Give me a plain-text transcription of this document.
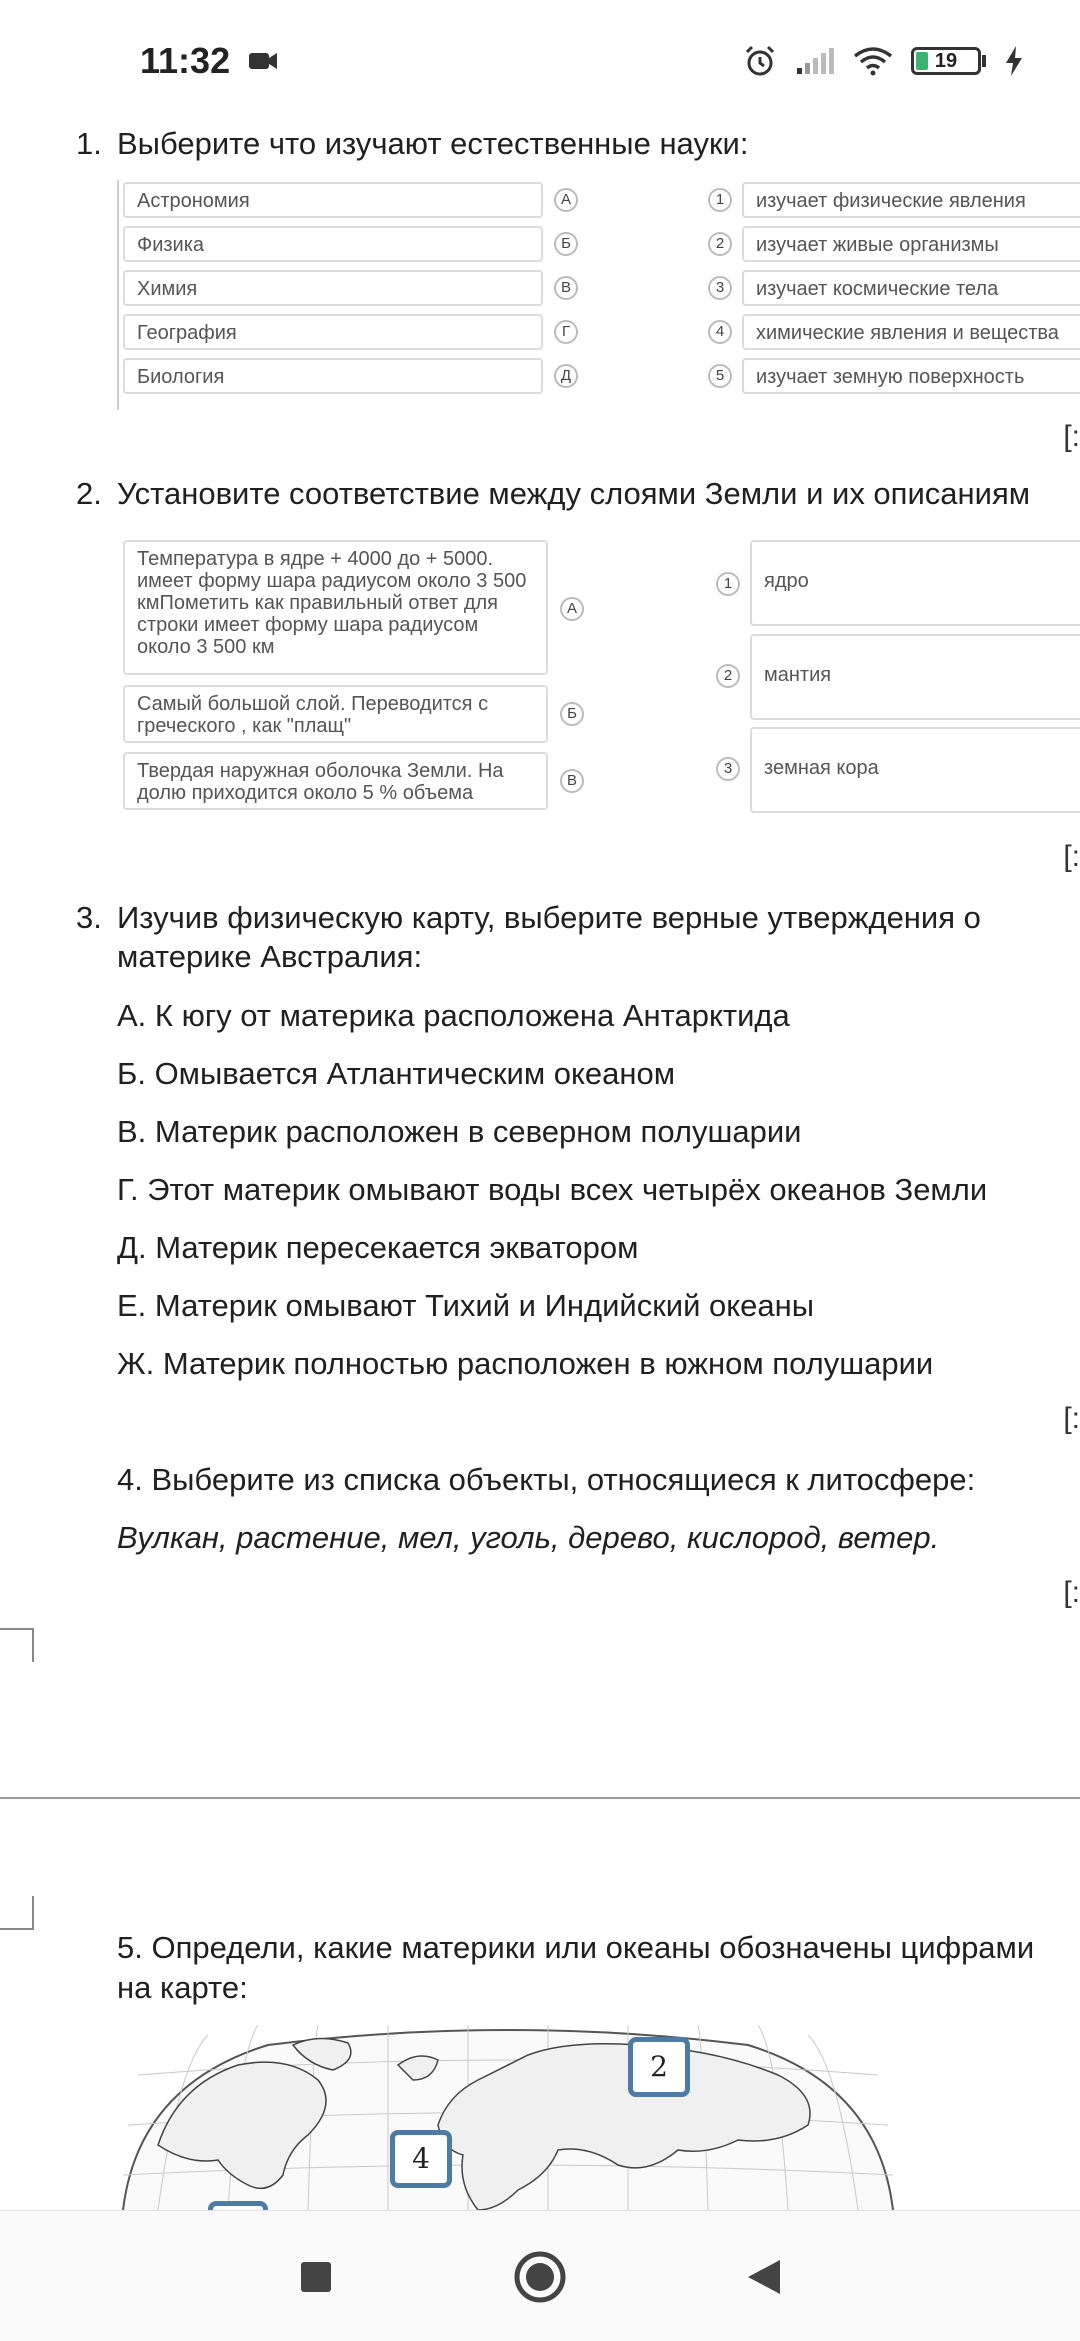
11:32	19
1. Выберите что изучают естественные науки:
Астрономия	А
Физика	Б
Химия	В
География	Г
Биология	Д
1	изучает физические явления
2	изучает живые организмы
3	изучает космические тела
4	химические явления и вещества
5	изучает земную поверхность
[:
2. Установите соответствие между слоями Земли и их описаниям
Температура в ядре + 4000 до + 5000. имеет форму шара радиусом около 3 500 кмПометить как правильный ответ для строки имеет форму шара радиусом около 3 500 км
А
Самый большой слой. Переводится с греческого , как "плащ"
Б
Твердая наружная оболочка Земли. На долю приходится около 5 % объема
В
1	ядро
2	мантия
3	земная кора
[:
3. Изучив физическую карту, выберите верные утверждения о
материке Австралия:
А. К югу от материка расположена Антарктида
Б. Омывается Атлантическим океаном
В. Материк расположен в северном полушарии
Г. Этот материк омывают воды всех четырёх океанов Земли
Д. Материк пересекается экватором
Е. Материк омывают Тихий и Индийский океаны
Ж. Материк полностью расположен в южном полушарии
[:
4. Выберите из списка объекты, относящиеся к литосфере:
Вулкан, растение, мел, уголь, дерево, кислород, ветер.
[:
5. Определи, какие материки или океаны обозначены цифрами
на карте:
2
4
